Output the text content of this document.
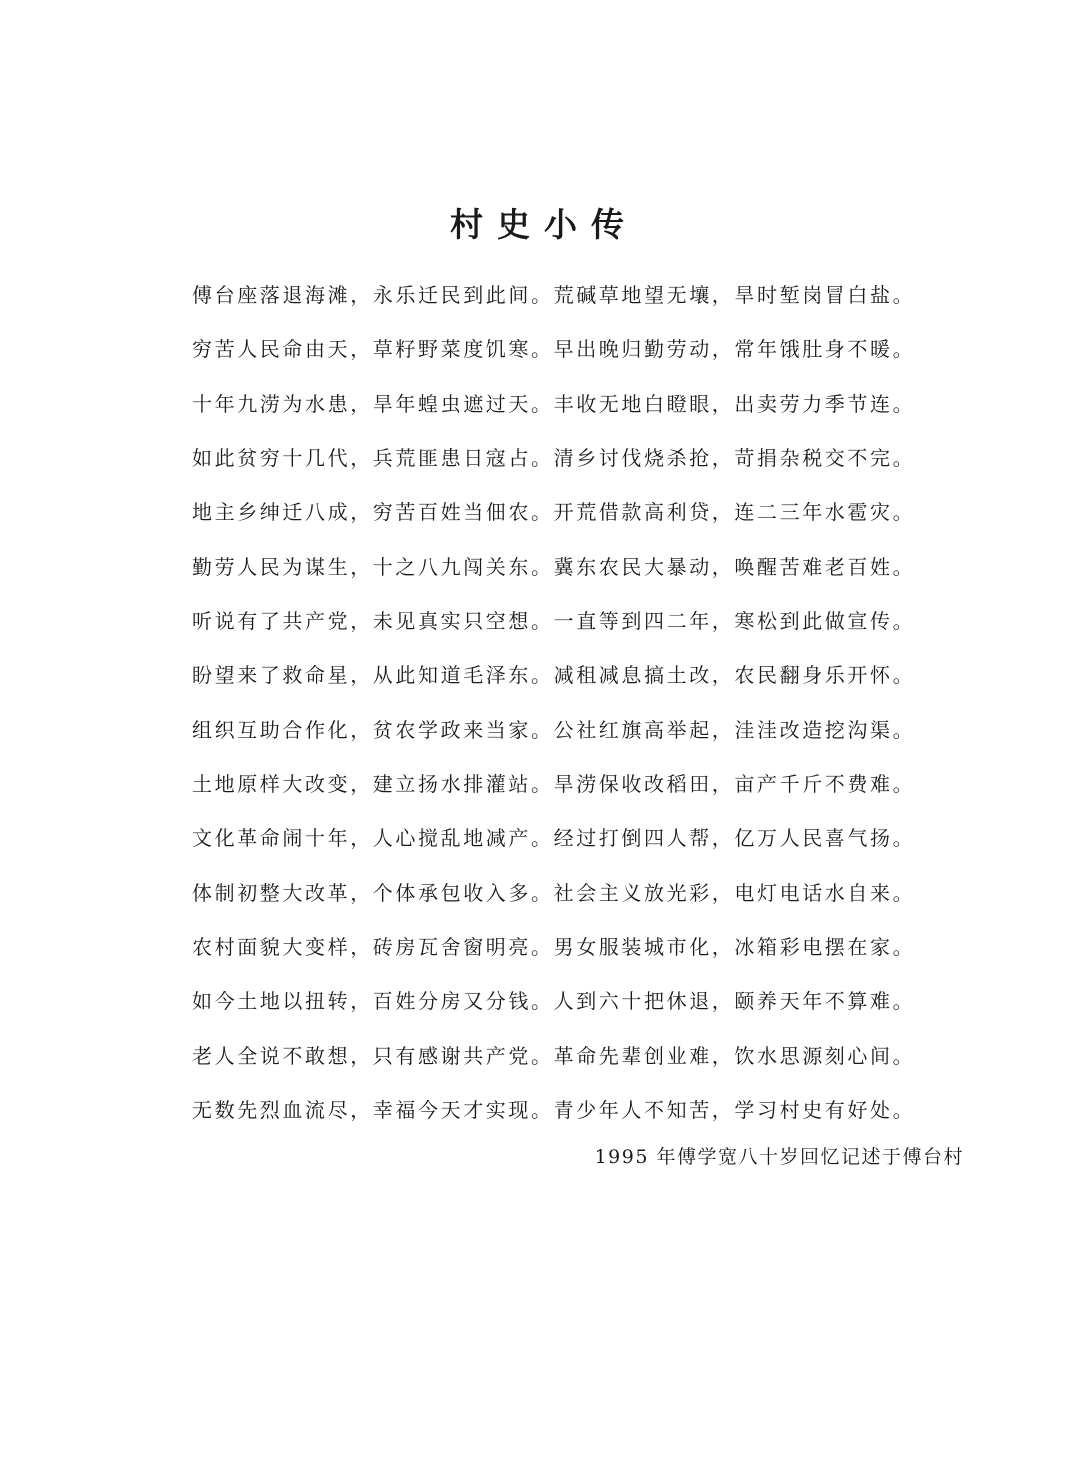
村史小传
傅台座落退海滩，永乐迁民到此间。荒碱草地望无壤，旱时堑岗冒白盐。
穷苦人民命由天，草籽野菜度饥寒。早出晚归勤劳动，常年饿肚身不暖。
十年九涝为水患，旱年蝗虫遮过天。丰收无地白瞪眼，出卖劳力季节连。
如此贫穷十几代，兵荒匪患日寇占。清乡讨伐烧杀抢，苛捐杂税交不完。
地主乡绅迁八成，穷苦百姓当佃农。开荒借款高利贷，连二三年水雹灾。
勤劳人民为谋生，十之八九闯关东。冀东农民大暴动，唤醒苦难老百姓。
听说有了共产党，未见真实只空想。一直等到四二年，寒松到此做宣传。
盼望来了救命星，从此知道毛泽东。减租减息搞土改，农民翻身乐开怀。
组织互助合作化，贫农学政来当家。公社红旗高举起，洼洼改造挖沟渠。
土地原样大改变，建立扬水排灌站。旱涝保收改稻田，亩产千斤不费难。
文化革命闹十年，人心搅乱地减产。经过打倒四人帮，亿万人民喜气扬。
体制初整大改革，个体承包收入多。社会主义放光彩，电灯电话水自来。
农村面貌大变样，砖房瓦舍窗明亮。男女服装城市化，冰箱彩电摆在家。
如今土地以扭转，百姓分房又分钱。人到六十把休退，颐养天年不算难。
老人全说不敢想，只有感谢共产党。革命先辈创业难，饮水思源刻心间。
无数先烈血流尽，幸福今天才实现。青少年人不知苦，学习村史有好处。
1995 年傅学宽八十岁回忆记述于傅台村
